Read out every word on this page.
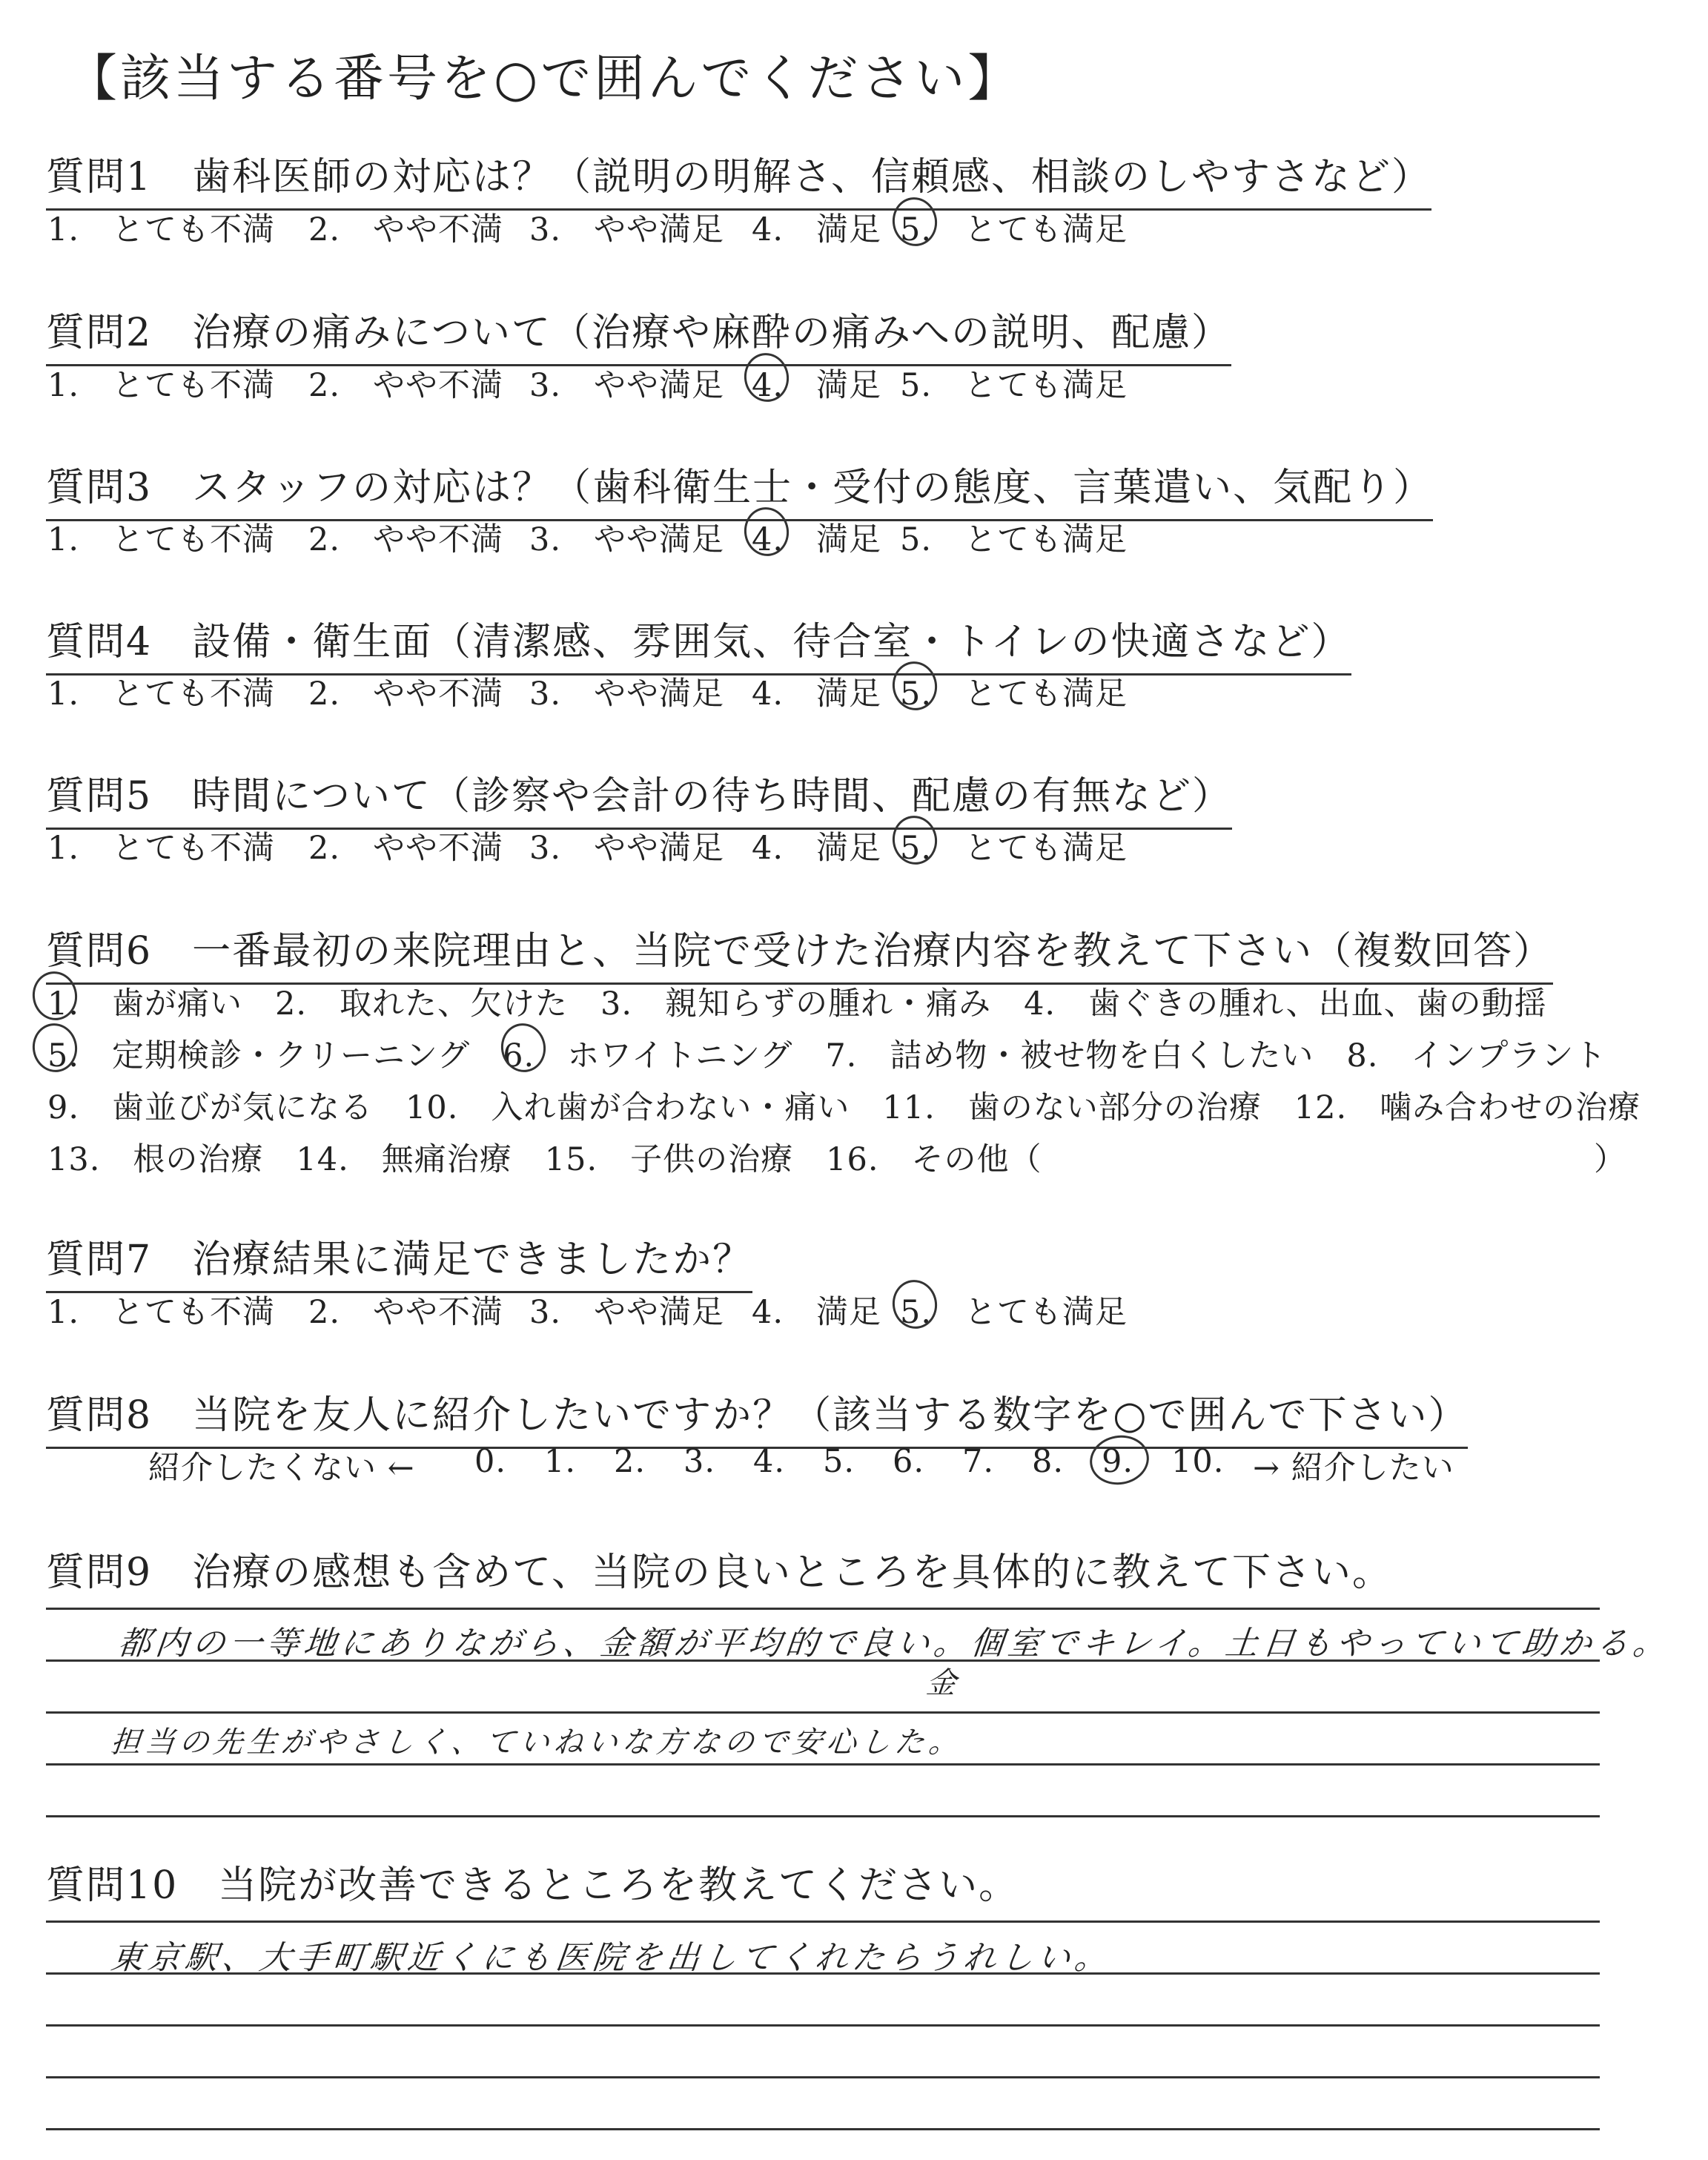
【該当する番号を○で囲んでください】
質問1　歯科医師の対応は？（説明の明解さ、信頼感、相談のしやすさなど）
1.　 とても不満 2.　 やや不満 3.　 やや満足 4.　 満足 5.　 とても満足
質問2　治療の痛みについて（治療や麻酔の痛みへの説明、配慮）
1.　 とても不満 2.　 やや不満 3.　 やや満足 4.　 満足 5.　 とても満足
質問3　スタッフの対応は？（歯科衛生士・受付の態度、言葉遣い、気配り）
1.　 とても不満 2.　 やや不満 3.　 やや満足 4.　 満足 5.　 とても満足
質問4　設備・衛生面（清潔感、雰囲気、待合室・トイレの快適さなど）
1.　 とても不満 2.　 やや不満 3.　 やや満足 4.　 満足 5.　 とても満足
質問5　時間について（診察や会計の待ち時間、配慮の有無など）
1.　 とても不満 2.　 やや不満 3.　 やや満足 4.　 満足 5.　 とても満足
質問6　一番最初の来院理由と、当院で受けた治療内容を教えて下さい（複数回答）
1.　歯が痛い　2.　取れた、欠けた　3.　親知らずの腫れ・痛み　4.　歯ぐきの腫れ、出血、歯の動揺
5.　定期検診・クリーニング　6.　ホワイトニング　7.　詰め物・被せ物を白くしたい　8.　インプラント
9.　歯並びが気になる　10.　入れ歯が合わない・痛い　11.　歯のない部分の治療　12.　噛み合わせの治療
13.　根の治療　14.　無痛治療　15.　子供の治療　16.　その他（	）
質問7　治療結果に満足できましたか？
1.　 とても不満 2.　 やや不満 3.　 やや満足 4.　 満足 5.　 とても満足
質問8　当院を友人に紹介したいですか？（該当する数字を○で囲んで下さい）
紹介したくない ← 0. 1. 2. 3. 4. 5. 6. 7. 8. 9. 10. → 紹介したい
質問9　治療の感想も含めて、当院の良いところを具体的に教えて下さい。
都内の一等地にありながら、金額が平均的で良い。個室でキレイ。土日もやっていて助かる。
金
担当の先生がやさしく、ていねいな方なので安心した。
質問10　当院が改善できるところを教えてください。
東京駅、大手町駅近くにも医院を出してくれたらうれしい。
